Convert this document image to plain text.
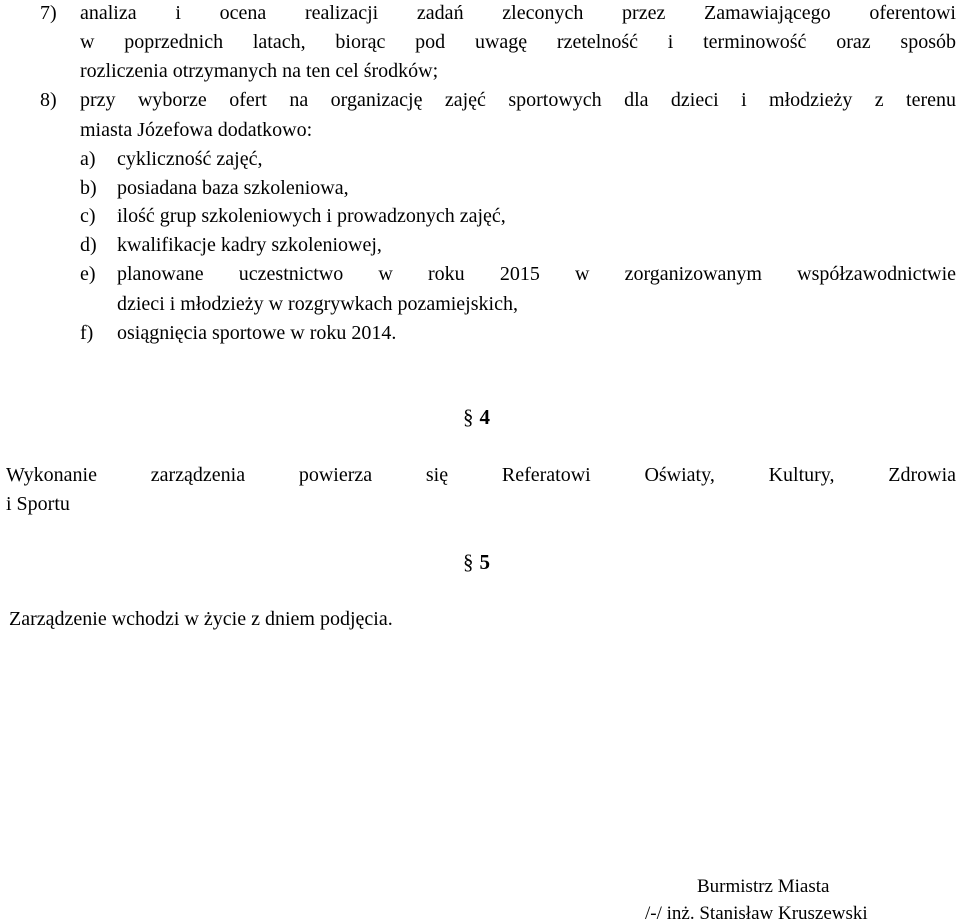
7) analiza i ocena realizacji zadań zleconych przez Zamawiającego oferentowi
w poprzednich latach, biorąc pod uwagę rzetelność i terminowość oraz sposób
rozliczenia otrzymanych na ten cel środków;
8) przy wyborze ofert na organizację zajęć sportowych dla dzieci i młodzieży z terenu
miasta Józefowa dodatkowo:
a) cykliczność zajęć,
b) posiadana baza szkoleniowa,
c) ilość grup szkoleniowych i prowadzonych zajęć,
d) kwalifikacje kadry szkoleniowej,
e) planowane uczestnictwo w roku 2015 w zorganizowanym współzawodnictwie
dzieci i młodzieży w rozgrywkach pozamiejskich,
f) osiągnięcia sportowe w roku 2014.
§ 4
Wykonanie zarządzenia powierza się Referatowi Oświaty, Kultury, Zdrowia
i Sportu
§ 5
Zarządzenie wchodzi w życie z dniem podjęcia.
Burmistrz Miasta
/-/ inż. Stanisław Kruszewski
